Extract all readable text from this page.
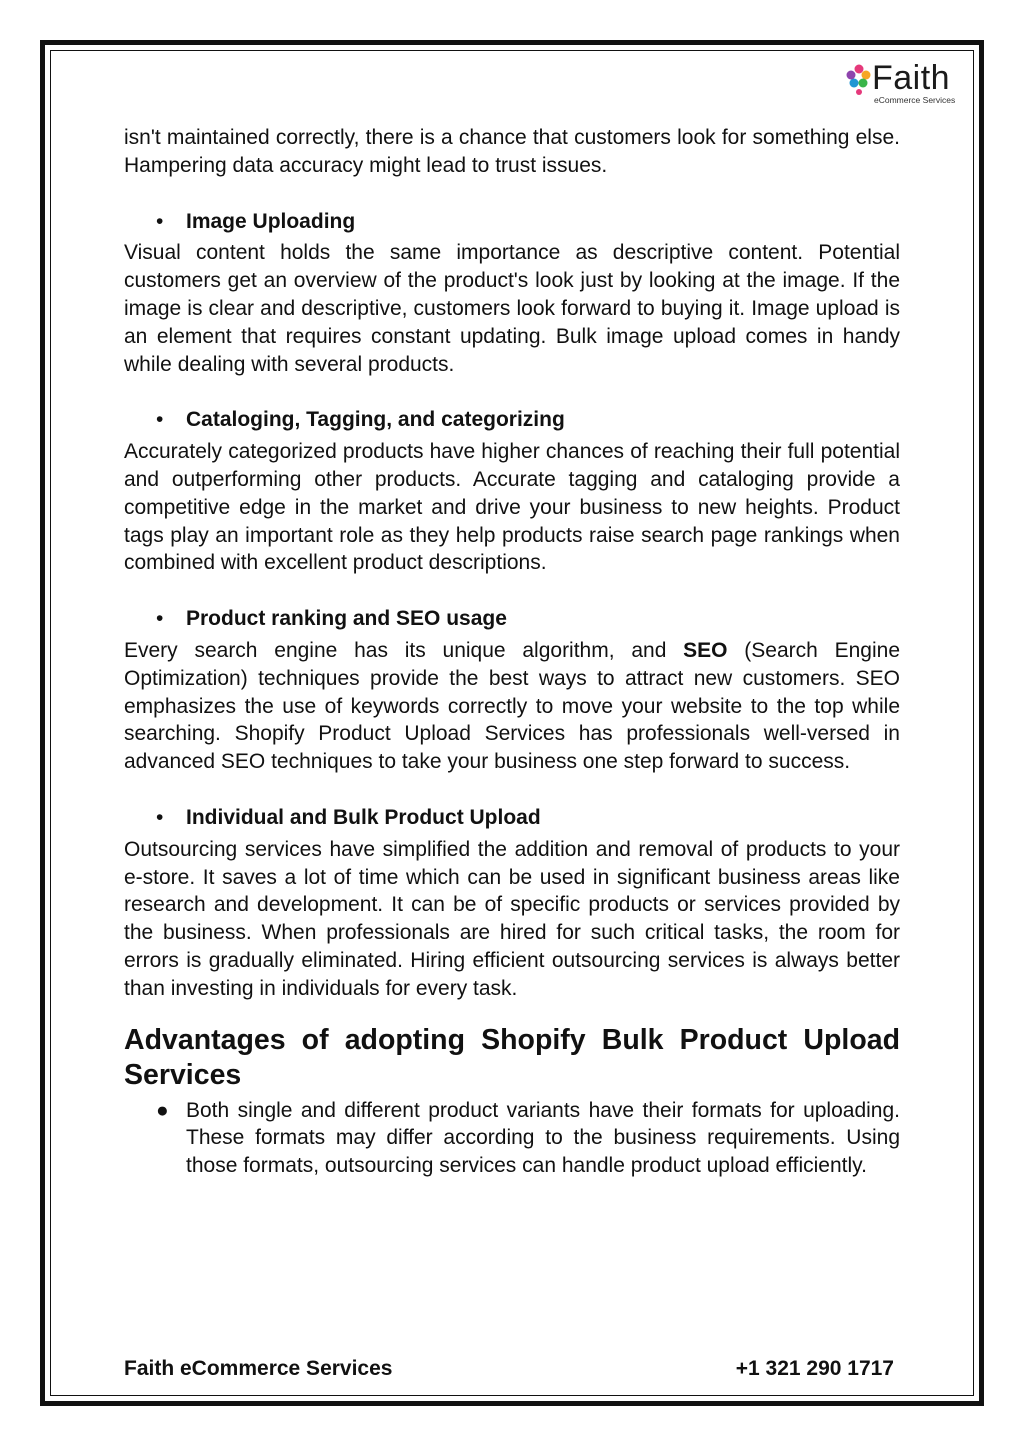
Faith
eCommerce Services

isn't maintained correctly, there is a chance that customers look for something else. Hampering data accuracy might lead to trust issues.

• Image Uploading

Visual content holds the same importance as descriptive content. Potential customers get an overview of the product's look just by looking at the image. If the image is clear and descriptive, customers look forward to buying it. Image upload is an element that requires constant updating. Bulk image upload comes in handy while dealing with several products.

• Cataloging, Tagging, and categorizing

Accurately categorized products have higher chances of reaching their full potential and outperforming other products. Accurate tagging and cataloging provide a competitive edge in the market and drive your business to new heights. Product tags play an important role as they help products raise search page rankings when combined with excellent product descriptions.

• Product ranking and SEO usage

Every search engine has its unique algorithm, and SEO (Search Engine Optimization) techniques provide the best ways to attract new customers. SEO emphasizes the use of keywords correctly to move your website to the top while searching. Shopify Product Upload Services has professionals well-versed in advanced SEO techniques to take your business one step forward to success.

• Individual and Bulk Product Upload

Outsourcing services have simplified the addition and removal of products to your e-store. It saves a lot of time which can be used in significant business areas like research and development. It can be of specific products or services provided by the business. When professionals are hired for such critical tasks, the room for errors is gradually eliminated. Hiring efficient outsourcing services is always better than investing in individuals for every task.

Advantages of adopting Shopify Bulk Product Upload Services
● Both single and different product variants have their formats for uploading. These formats may differ according to the business requirements. Using those formats, outsourcing services can handle product upload efficiently.
Faith eCommerce Services	+1 321 290 1717
